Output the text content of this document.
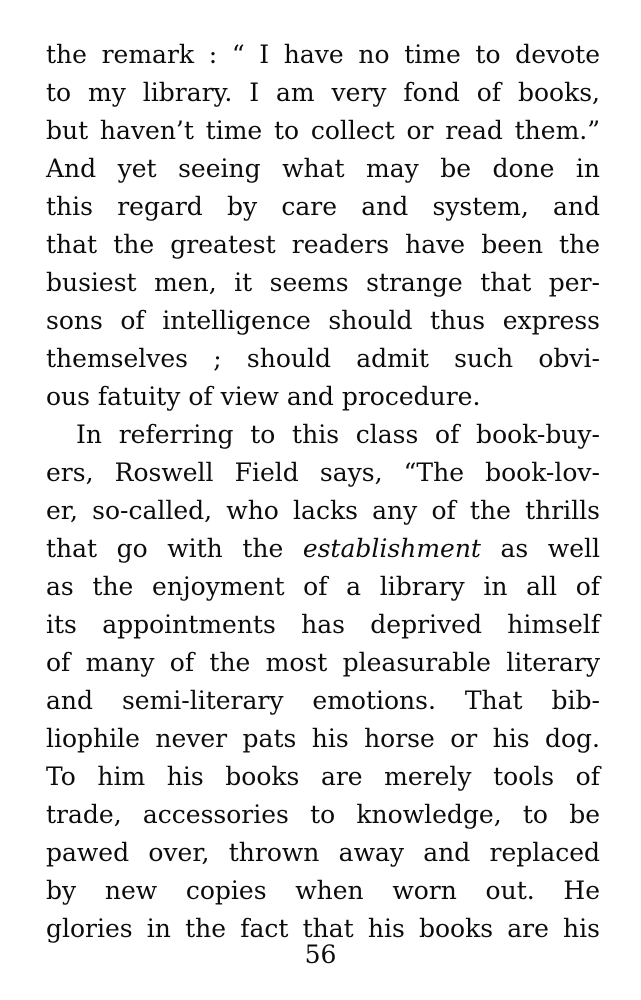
the remark : “ I have no time to devote
to my library. I am very fond of books,
but haven’t time to collect or read them.”
And yet seeing what may be done in
this regard by care and system, and
that the greatest readers have been the
busiest men, it seems strange that per-
sons of intelligence should thus express
themselves ; should admit such obvi-
ous fatuity of view and procedure.
In referring to this class of book-buy-
ers, Roswell Field says, “The book-lov-
er, so-called, who lacks any of the thrills
that go with the establishment as well
as the enjoyment of a library in all of
its appointments has deprived himself
of many of the most pleasurable literary
and semi-literary emotions. That bib-
liophile never pats his horse or his dog.
To him his books are merely tools of
trade, accessories to knowledge, to be
pawed over, thrown away and replaced
by new copies when worn out. He
glories in the fact that his books are his
56
